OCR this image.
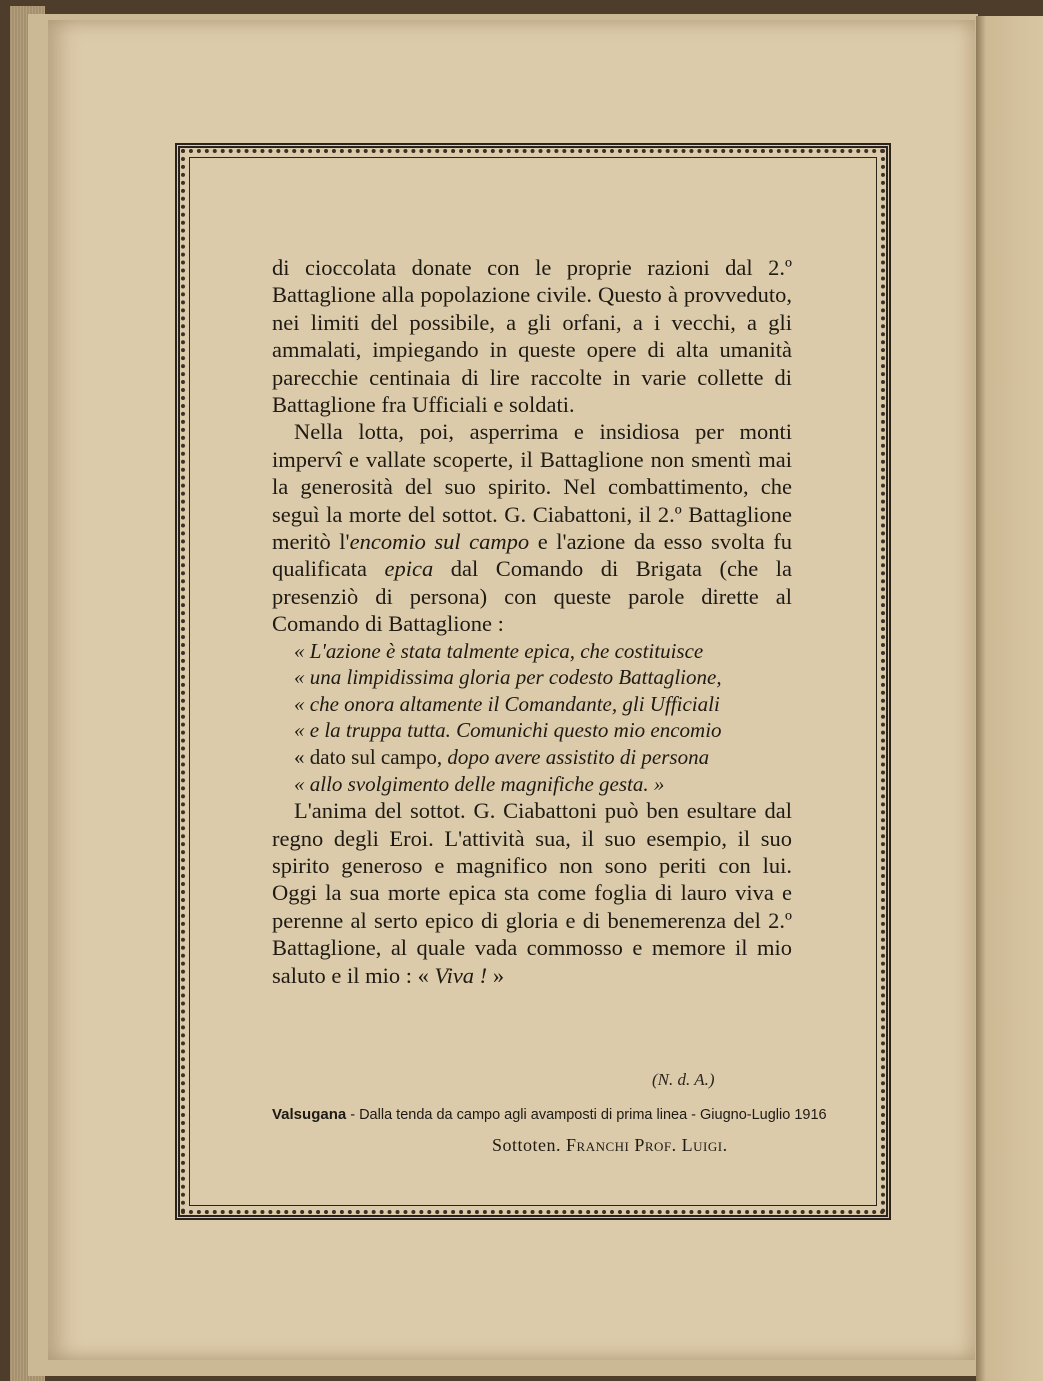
di cioccolata donate con le proprie razioni dal 2.º Battaglione alla popolazione civile. Questo à provveduto, nei limiti del possibile, a gli orfani, a i vecchi, a gli ammalati, impiegando in queste opere di alta umanità parecchie centinaia di lire raccolte in varie collette di Battaglione fra Ufficiali e soldati.

Nella lotta, poi, asperrima e insidiosa per monti impervî e vallate scoperte, il Battaglione non smentì mai la generosità del suo spirito. Nel combattimento, che seguì la morte del sottot. G. Ciabattoni, il 2.º Battaglione meritò l'encomio sul campo e l'azione da esso svolta fu qualificata epica dal Comando di Brigata (che la presenziò di persona) con queste parole dirette al Comando di Battaglione :

« L'azione è stata talmente epica, che costituisce
« una limpidissima gloria per codesto Battaglione,
« che onora altamente il Comandante, gli Ufficiali
« e la truppa tutta. Comunichi questo mio encomio
« dato sul campo, dopo avere assistito di persona
« allo svolgimento delle magnifiche gesta. »

L'anima del sottot. G. Ciabattoni può ben esultare dal regno degli Eroi. L'attività sua, il suo esempio, il suo spirito generoso e magnifico non sono periti con lui. Oggi la sua morte epica sta come foglia di lauro viva e perenne al serto epico di gloria e di benemerenza del 2.º Battaglione, al quale vada commosso e memore il mio saluto e il mio : « Viva ! »

(N. d. A.)
Valsugana - Dalla tenda da campo agli avamposti di prima linea - Giugno-Luglio 1916
Sottoten. Franchi Prof. Luigi.
